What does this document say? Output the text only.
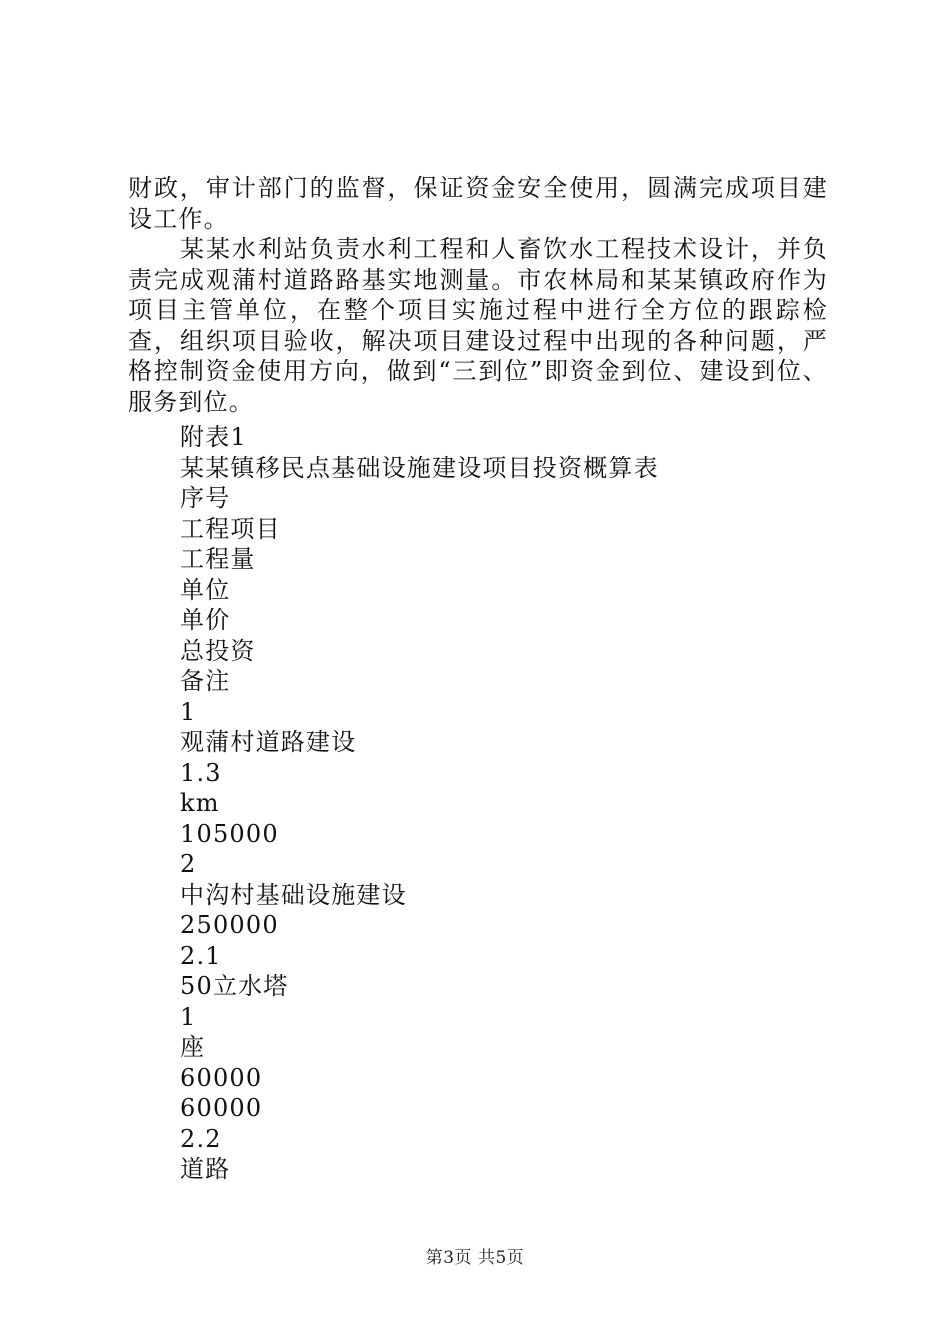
财政，审计部门的监督，保证资金安全使用，圆满完成项目建设工作。

某某水利站负责水利工程和人畜饮水工程技术设计，并负责完成观蒲村道路路基实地测量。市农林局和某某镇政府作为项目主管单位，在整个项目实施过程中进行全方位的跟踪检查，组织项目验收，解决项目建设过程中出现的各种问题，严格控制资金使用方向，做到“三到位”即资金到位、建设到位、服务到位。

附表1
某某镇移民点基础设施建设项目投资概算表
序号
工程项目
工程量
单位
单价
总投资
备注
1
观蒲村道路建设
1.3
km
105000
2
中沟村基础设施建设
250000
2.1
50立水塔
1
座
60000
60000
2.2
道路
第3页 共5页
